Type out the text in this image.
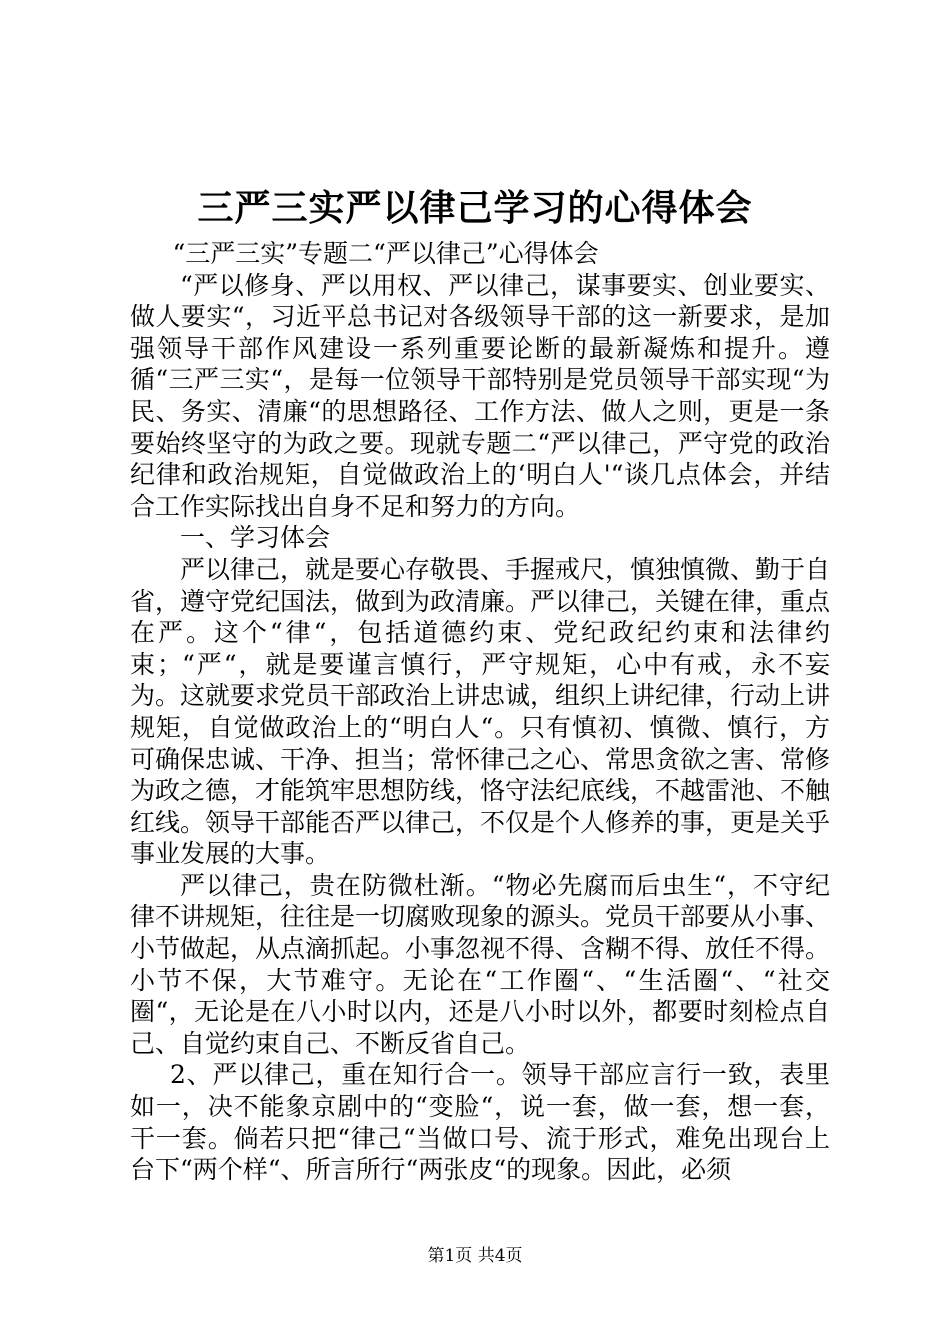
三严三实严以律己学习的心得体会

“三严三实”专题二“严以律己”心得体会

“严以修身、严以用权、严以律己，谋事要实、创业要实、做人要实“，习近平总书记对各级领导干部的这一新要求，是加强领导干部作风建设一系列重要论断的最新凝炼和提升。遵循“三严三实“，是每一位领导干部特别是党员领导干部实现“为民、务实、清廉“的思想路径、工作方法、做人之则，更是一条要始终坚守的为政之要。现就专题二“严以律己，严守党的政治纪律和政治规矩，自觉做政治上的‘明白人'“谈几点体会，并结合工作实际找出自身不足和努力的方向。

一、学习体会

严以律己，就是要心存敬畏、手握戒尺，慎独慎微、勤于自省，遵守党纪国法，做到为政清廉。严以律己，关键在律，重点在严。这个“律“，包括道德约束、党纪政纪约束和法律约束；“严“，就是要谨言慎行，严守规矩，心中有戒，永不妄为。这就要求党员干部政治上讲忠诚，组织上讲纪律，行动上讲规矩，自觉做政治上的“明白人“。只有慎初、慎微、慎行，方可确保忠诚、干净、担当；常怀律己之心、常思贪欲之害、常修为政之德，才能筑牢思想防线，恪守法纪底线，不越雷池、不触红线。领导干部能否严以律己，不仅是个人修养的事，更是关乎事业发展的大事。

严以律己，贵在防微杜渐。“物必先腐而后虫生“，不守纪律不讲规矩，往往是一切腐败现象的源头。党员干部要从小事、小节做起，从点滴抓起。小事忽视不得、含糊不得、放任不得。小节不保，大节难守。无论在“工作圈“、“生活圈“、“社交圈“，无论是在八小时以内，还是八小时以外，都要时刻检点自己、自觉约束自己、不断反省自己。

2、严以律己，重在知行合一。领导干部应言行一致，表里如一，决不能象京剧中的“变脸“，说一套，做一套，想一套，干一套。倘若只把“律己“当做口号、流于形式，难免出现台上台下“两个样“、所言所行“两张皮“的现象。因此，必须

第1页 共4页
